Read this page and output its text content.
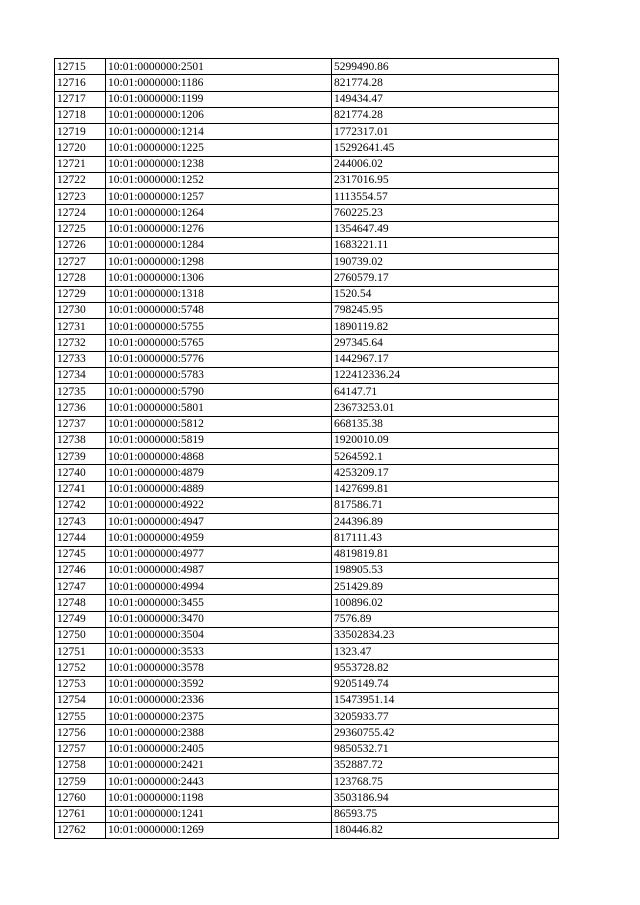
12715	10:01:0000000:2501	5299490.86
12716	10:01:0000000:1186	821774.28
12717	10:01:0000000:1199	149434.47
12718	10:01:0000000:1206	821774.28
12719	10:01:0000000:1214	1772317.01
12720	10:01:0000000:1225	15292641.45
12721	10:01:0000000:1238	244006.02
12722	10:01:0000000:1252	2317016.95
12723	10:01:0000000:1257	1113554.57
12724	10:01:0000000:1264	760225.23
12725	10:01:0000000:1276	1354647.49
12726	10:01:0000000:1284	1683221.11
12727	10:01:0000000:1298	190739.02
12728	10:01:0000000:1306	2760579.17
12729	10:01:0000000:1318	1520.54
12730	10:01:0000000:5748	798245.95
12731	10:01:0000000:5755	1890119.82
12732	10:01:0000000:5765	297345.64
12733	10:01:0000000:5776	1442967.17
12734	10:01:0000000:5783	122412336.24
12735	10:01:0000000:5790	64147.71
12736	10:01:0000000:5801	23673253.01
12737	10:01:0000000:5812	668135.38
12738	10:01:0000000:5819	1920010.09
12739	10:01:0000000:4868	5264592.1
12740	10:01:0000000:4879	4253209.17
12741	10:01:0000000:4889	1427699.81
12742	10:01:0000000:4922	817586.71
12743	10:01:0000000:4947	244396.89
12744	10:01:0000000:4959	817111.43
12745	10:01:0000000:4977	4819819.81
12746	10:01:0000000:4987	198905.53
12747	10:01:0000000:4994	251429.89
12748	10:01:0000000:3455	100896.02
12749	10:01:0000000:3470	7576.89
12750	10:01:0000000:3504	33502834.23
12751	10:01:0000000:3533	1323.47
12752	10:01:0000000:3578	9553728.82
12753	10:01:0000000:3592	9205149.74
12754	10:01:0000000:2336	15473951.14
12755	10:01:0000000:2375	3205933.77
12756	10:01:0000000:2388	29360755.42
12757	10:01:0000000:2405	9850532.71
12758	10:01:0000000:2421	352887.72
12759	10:01:0000000:2443	123768.75
12760	10:01:0000000:1198	3503186.94
12761	10:01:0000000:1241	86593.75
12762	10:01:0000000:1269	180446.82
